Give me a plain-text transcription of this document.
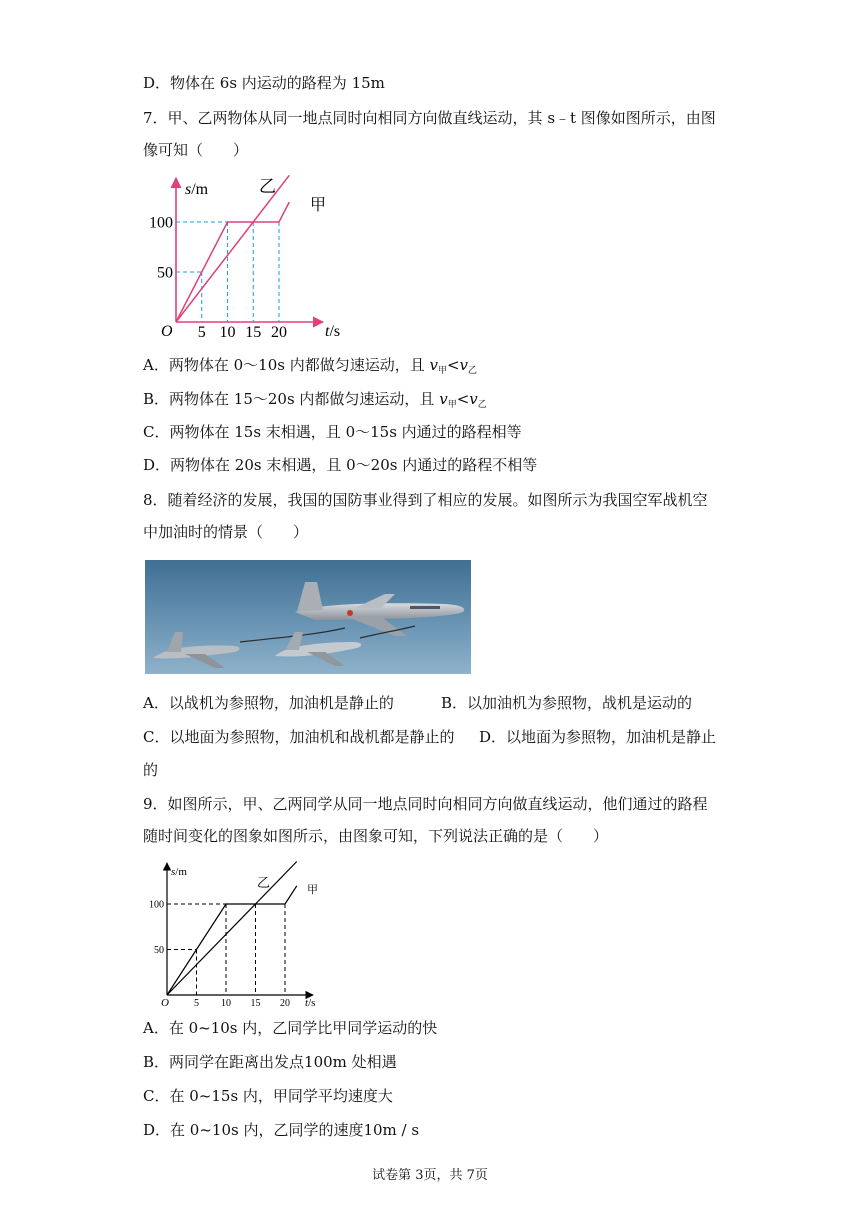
D．物体在 6s 内运动的路程为 15m
7．甲、乙两物体从同一地点同时向相同方向做直线运动，其 s﹣t 图像如图所示，由图
像可知（　　）
5 10 15 20
50
100
s/m
t/s
O
乙
甲
A．两物体在 0～10s 内都做匀速运动，且 $v_甲<v_乙$
B．两物体在 15～20s 内都做匀速运动，且 $v_甲<v_乙$
C．两物体在 15s 末相遇，且 0～15s 内通过的路程相等
D．两物体在 20s 末相遇，且 0～20s 内通过的路程不相等
8．随着经济的发展，我国的国防事业得到了相应的发展。如图所示为我国空军战机空
中加油时的情景（　　）
A．以战机为参照物，加油机是静止的	B．以加油机为参照物，战机是运动的
C．以地面为参照物，加油机和战机都是静止的 D．以地面为参照物，加油机是静止
的
9．如图所示，甲、乙两同学从同一地点同时向相同方向做直线运动，他们通过的路程
随时间变化的图象如图所示，由图象可知，下列说法正确的是（　　）
5 10 15 20
50
100
s/m
t/s
O
乙	甲
A．在 0~10s 内，乙同学比甲同学运动的快
B．两同学在距离出发点100m 处相遇
C．在 0~15s 内，甲同学平均速度大
D．在 0~10s 内，乙同学的速度10m / s
试卷第 3页，共 7页
